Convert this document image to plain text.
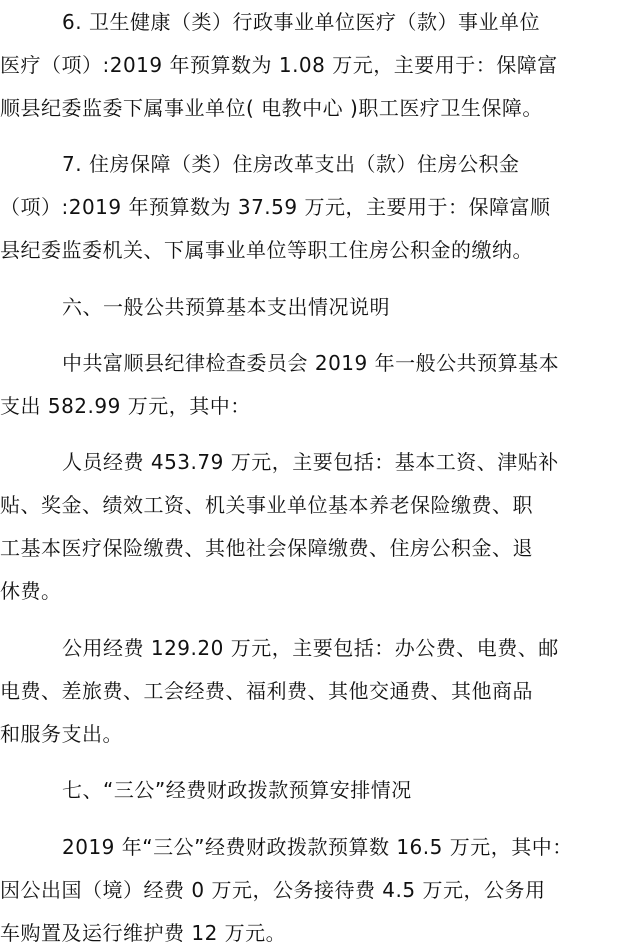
6. 卫生健康（类）行政事业单位医疗（款）事业单位
医疗（项）:2019 年预算数为 1.08 万元，主要用于：保障富
顺县纪委监委下属事业单位( 电教中心 )职工医疗卫生保障。
7. 住房保障（类）住房改革支出（款）住房公积金
（项）:2019 年预算数为 37.59 万元，主要用于：保障富顺
县纪委监委机关、下属事业单位等职工住房公积金的缴纳。
六、一般公共预算基本支出情况说明
中共富顺县纪律检查委员会 2019 年一般公共预算基本
支出 582.99 万元，其中：
人员经费 453.79 万元，主要包括：基本工资、津贴补
贴、奖金、绩效工资、机关事业单位基本养老保险缴费、职
工基本医疗保险缴费、其他社会保障缴费、住房公积金、退
休费。
公用经费 129.20 万元，主要包括：办公费、电费、邮
电费、差旅费、工会经费、福利费、其他交通费、其他商品
和服务支出。
七、“三公”经费财政拨款预算安排情况
2019 年“三公”经费财政拨款预算数 16.5 万元，其中：
因公出国（境）经费 0 万元，公务接待费 4.5 万元，公务用
车购置及运行维护费 12 万元。
